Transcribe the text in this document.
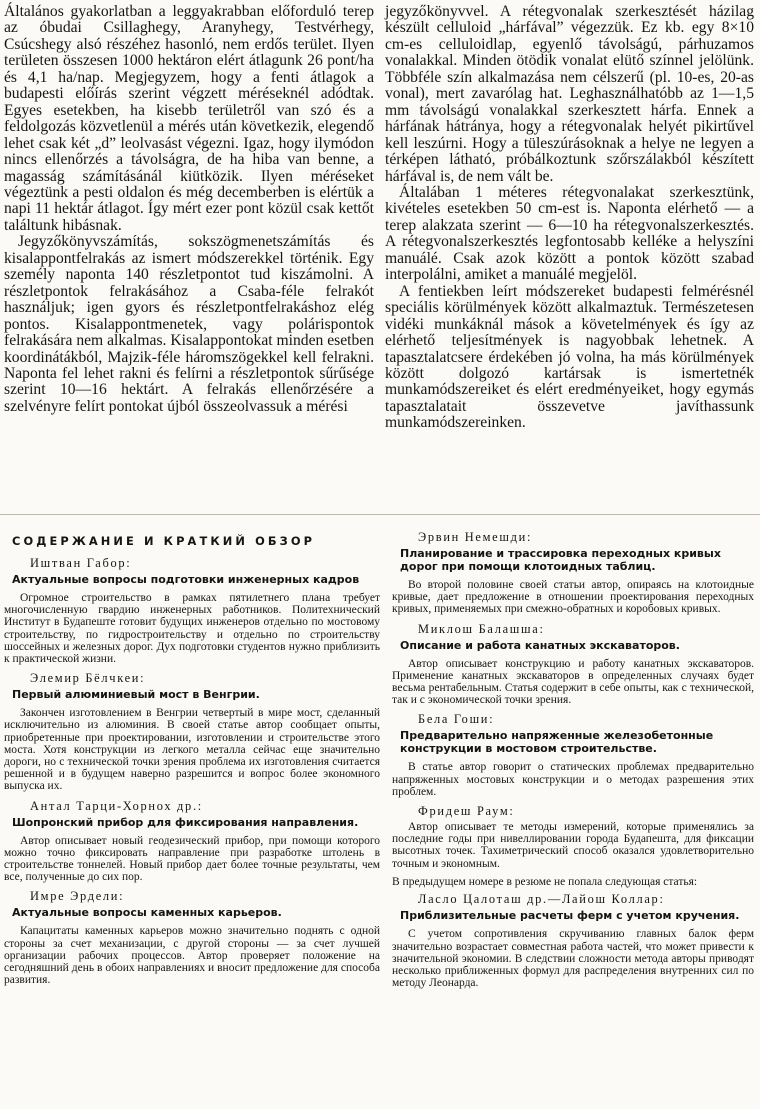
Általános gyakorlatban a leggyakrabban előforduló terep az óbudai Csillaghegy, Aranyhegy, Testvérhegy, Csúcshegy alsó részéhez hasonló, nem erdős terület. Ilyen területen összesen 1000 hektáron elért átlagunk 26 pont/ha és 4,1 ha/nap. Megjegyzem, hogy a fenti átlagok a budapesti előírás szerint végzett méréseknél adódtak. Egyes esetekben, ha kisebb területről van szó és a feldolgozás közvetlenül a mérés után következik, elegendő lehet csak két „d” leolvasást végezni. Igaz, hogy ilymódon nincs ellenőrzés a távolságra, de ha hiba van benne, a magasság számításánál kiütközik. Ilyen méréseket végeztünk a pesti oldalon és még decemberben is elértük a napi 11 hektár átlagot. Így mért ezer pont közül csak kettőt találtunk hibásnak.

Jegyzőkönyvszámítás, sokszögmenetszámítás és kisalappontfelrakás az ismert módszerekkel történik. Egy személy naponta 140 részletpontot tud kiszámolni. A részletpontok felrakásához a Csaba-féle felrakót használjuk; igen gyors és részletpontfelrakáshoz elég pontos. Kisalappontmenetek, vagy polárispontok felrakására nem alkalmas. Kisalappontokat minden esetben koordinátákból, Majzik-féle háromszögekkel kell felrakni. Naponta fel lehet rakni és felírni a részletpontok sűrűsége szerint 10—16 hektárt. A felrakás ellenőrzésére a szelvényre felírt pontokat újból összeolvassuk a mérési

jegyzőkönyvvel. A rétegvonalak szerkesztését házilag készült celluloid „hárfával” végezzük. Ez kb. egy 8×10 cm-es celluloidlap, egyenlő távolságú, párhuzamos vonalakkal. Minden ötödik vonalat elütő színnel jelölünk. Többféle szín alkalmazása nem célszerű (pl. 10-es, 20-as vonal), mert zavarólag hat. Leghasználhatóbb az 1—1,5 mm távolságú vonalakkal szerkesztett hárfa. Ennek a hárfának hátránya, hogy a rétegvonalak helyét pikirtűvel kell leszúrni. Hogy a tüleszúrásoknak a helye ne legyen a térképen látható, próbálkoztunk szőrszálakból készített hárfával is, de nem vált be.

Általában 1 méteres rétegvonalakat szerkesztünk, kivételes esetekben 50 cm-est is. Naponta elérhető — a terep alakzata szerint — 6—10 ha rétegvonalszerkesztés. A rétegvonalszerkesztés legfontosabb kelléke a helyszíni manuálé. Csak azok között a pontok között szabad interpolálni, amiket a manuálé megjelöl.

A fentiekben leírt módszereket budapesti felmérésnél speciális körülmények között alkalmaztuk. Természetesen vidéki munkáknál mások a követelmények és így az elérhető teljesítmények is nagyobbak lehetnek. A tapasztalatcsere érdekében jó volna, ha más körülmények között dolgozó kartársak is ismertetnék munkamódszereiket és elért eredményeiket, hogy egymás tapasztalatait összevetve javíthassunk munkamódszereinken.

СОДЕРЖАНИЕ И КРАТКИЙ ОБЗОР
Иштван Габор:
Актуальные вопросы подготовки инженерных кадров

Огромное строительство в рамках пятилетнего плана требует многочисленную гвардию инженерных работников. Политехнический Институт в Будапеште готовит будущих инженеров отдельно по мостовому строительству, по гидростроительству и отдельно по строительству шоссейных и железных дорог. Дух подготовки студентов нужно приблизить к практической жизни.

Элемир Бёлчкеи:
Первый алюминиевый мост в Венгрии.

Закончен изготовлением в Венгрии четвертый в мире мост, сделанный исключительно из алюминия. В своей статье автор сообщает опыты, приобретенные при проектировании, изготовлении и строительстве этого моста. Хотя конструкции из легкого металла сейчас еще значительно дороги, но с технической точки зрения проблема их изготовления считается решенной и в будущем наверно разрешится и вопрос более экономного выпуска их.

Антал Тарци-Хорнох др.:
Шопронский прибор для фиксирования направления.

Автор описывает новый геодезический прибор, при помощи которого можно точно фиксировать направление при разработке штолень в строительстве тоннелей. Новый прибор дает более точные результаты, чем все, полученные до сих пор.

Имре Эрдели:
Актуальные вопросы каменных карьеров.

Капацитаты каменных карьеров можно значительно поднять с одной стороны за счет механизации, с другой стороны — за счет лучшей организации рабочих процессов. Автор проверяет положение на сегодняшний день в обоих направлениях и вносит предложение для способа развития.

Эрвин Немешди:
Планирование и трассировка переходных кривых дорог при помощи клотоидных таблиц.

Во второй половине своей статьи автор, опираясь на клотоидные кривые, дает предложение в отношении проектирования переходных кривых, применяемых при смежно-обратных и коробовых кривых.

Миклош Балашша:
Описание и работа канатных экскаваторов.

Автор описывает конструкцию и работу канатных экскаваторов. Применение канатных экскаваторов в определенных случаях будет весьма рентабельным. Статья содержит в себе опыты, как с технической, так и с экономической точки зрения.

Бела Гоши:
Предварительно напряженные железобетонные конструкции в мостовом строительстве.

В статье автор говорит о статических проблемах предварительно напряженных мостовых конструкции и о методах разрешения этих проблем.

Фридеш Раум:

Автор описывает те методы измерений, которые применялись за последние годы при нивеллировании города Будапешта, для фиксации высотных точек. Тахиметрический способ оказался удовлетворительно точным и экономным.

В предыдущем номере в резюме не попала следующая статья:

Ласло Цалоташ др.—Лайош Коллар:
Приблизительные расчеты ферм с учетом кручения.

С учетом сопротивления скручиванию главных балок ферм значительно возрастает совместная работа частей, что может привести к значительной экономии. В следствии сложности метода авторы приводят несколько приближенных формул для распределения внутренних сил по методу Леонарда.
